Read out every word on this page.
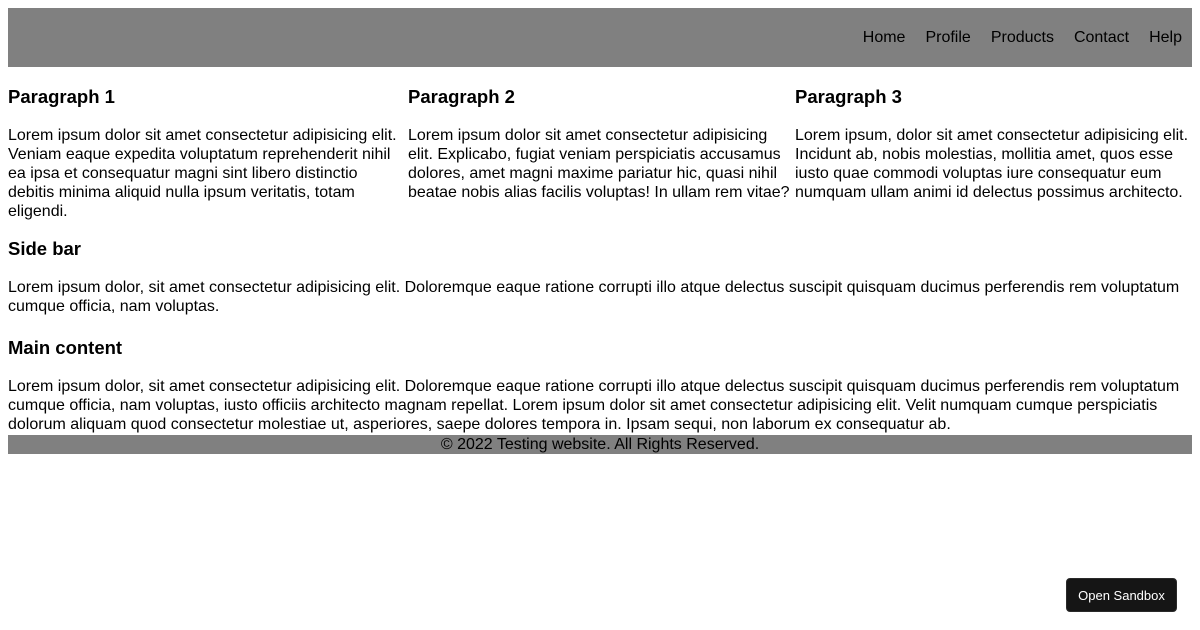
Home Profile Products Contact Help
Paragraph 1

Lorem ipsum dolor sit amet consectetur adipisicing elit. Veniam eaque expedita voluptatum reprehenderit nihil ea ipsa et consequatur magni sint libero distinctio debitis minima aliquid nulla ipsum veritatis, totam eligendi.

Paragraph 2

Lorem ipsum dolor sit amet consectetur adipisicing elit. Explicabo, fugiat veniam perspiciatis accusamus dolores, amet magni maxime pariatur hic, quasi nihil beatae nobis alias facilis voluptas! In ullam rem vitae?

Paragraph 3

Lorem ipsum, dolor sit amet consectetur adipisicing elit. Incidunt ab, nobis molestias, mollitia amet, quos esse iusto quae commodi voluptas iure consequatur eum numquam ullam animi id delectus possimus architecto.

Side bar

Lorem ipsum dolor, sit amet consectetur adipisicing elit. Doloremque eaque ratione corrupti illo atque delectus suscipit quisquam ducimus perferendis rem voluptatum cumque officia, nam voluptas.

Main content

Lorem ipsum dolor, sit amet consectetur adipisicing elit. Doloremque eaque ratione corrupti illo atque delectus suscipit quisquam ducimus perferendis rem voluptatum cumque officia, nam voluptas, iusto officiis architecto magnam repellat. Lorem ipsum dolor sit amet consectetur adipisicing elit. Velit numquam cumque perspiciatis dolorum aliquam quod consectetur molestiae ut, asperiores, saepe dolores tempora in. Ipsam sequi, non laborum ex consequatur ab.

© 2022 Testing website. All Rights Reserved.
Open Sandbox
